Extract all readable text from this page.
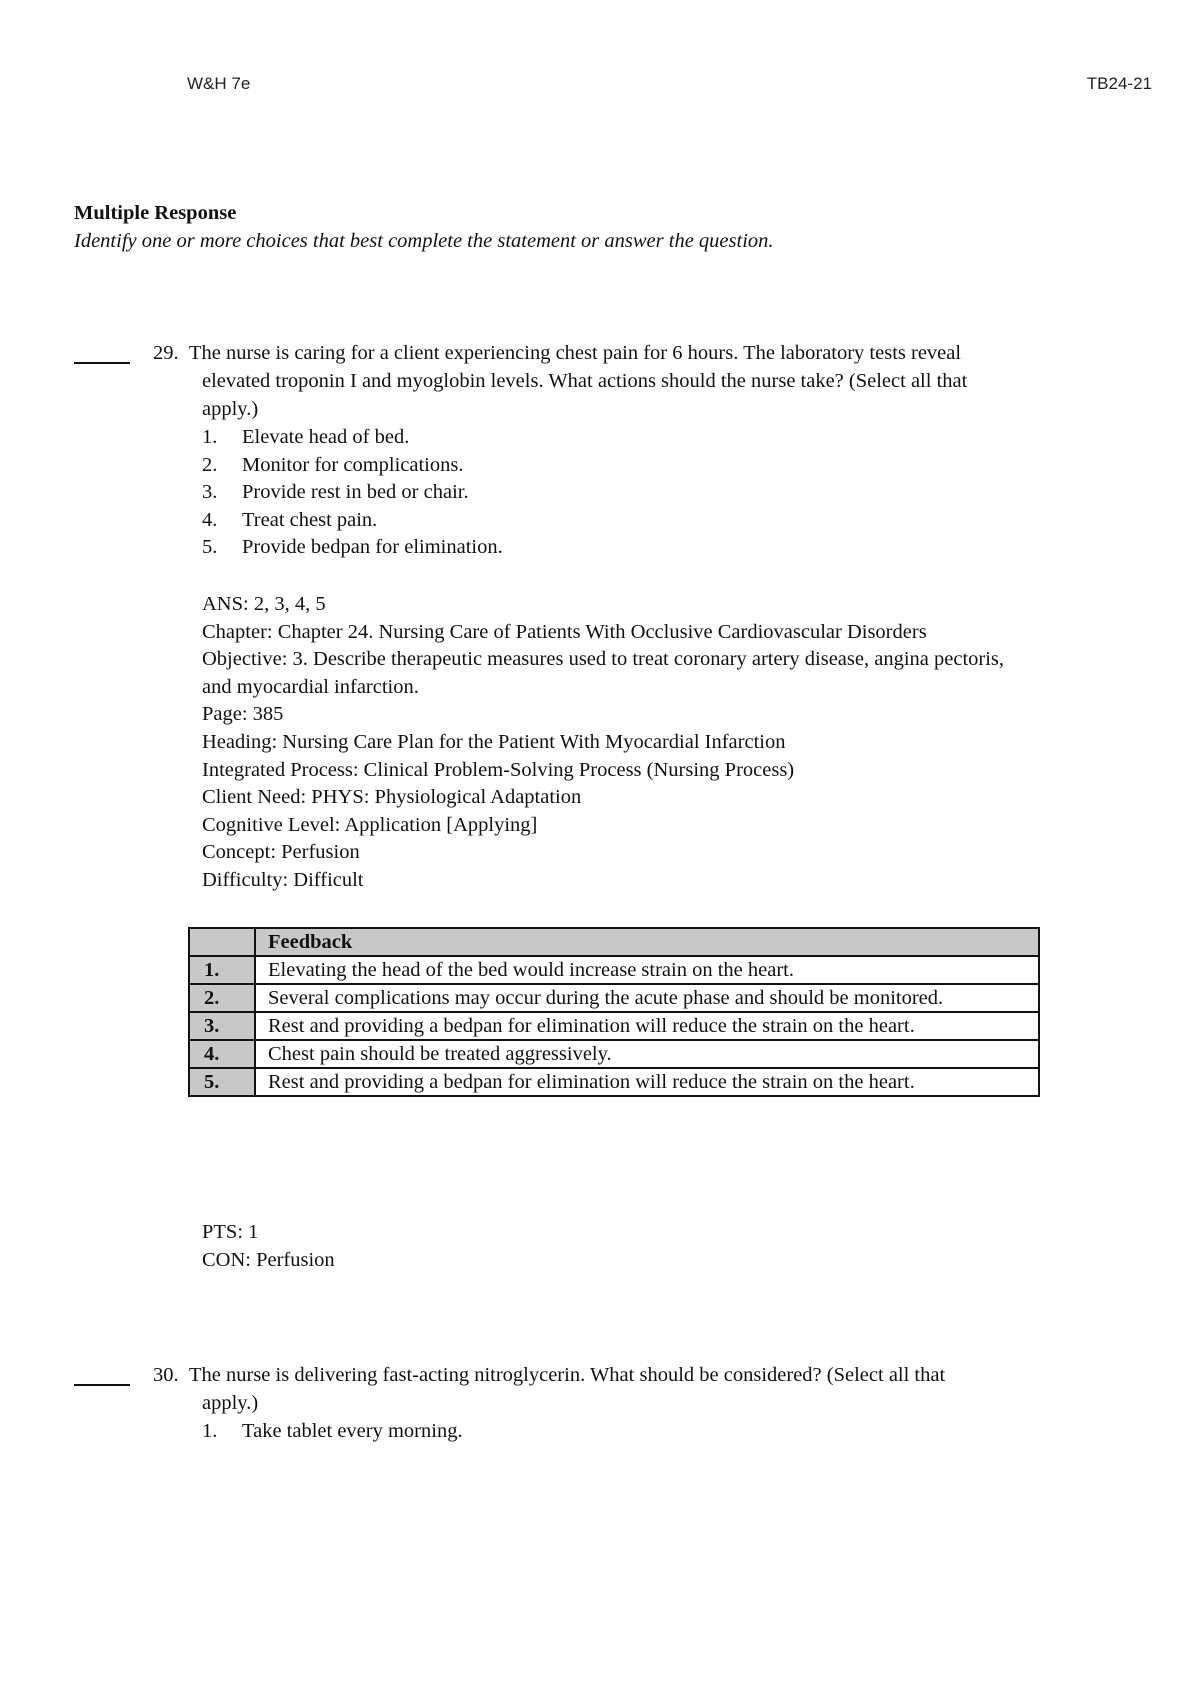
W&H 7e	TB24-21
Multiple Response
Identify one or more choices that best complete the statement or answer the question.
29. The nurse is caring for a client experiencing chest pain for 6 hours. The laboratory tests reveal
elevated troponin I and myoglobin levels. What actions should the nurse take? (Select all that
apply.)
1.	Elevate head of bed.
2.	Monitor for complications.
3.	Provide rest in bed or chair.
4.	Treat chest pain.
5.	Provide bedpan for elimination.
ANS: 2, 3, 4, 5
Chapter: Chapter 24. Nursing Care of Patients With Occlusive Cardiovascular Disorders
Objective: 3. Describe therapeutic measures used to treat coronary artery disease, angina pectoris,
and myocardial infarction.
Page: 385
Heading: Nursing Care Plan for the Patient With Myocardial Infarction
Integrated Process: Clinical Problem-Solving Process (Nursing Process)
Client Need: PHYS: Physiological Adaptation
Cognitive Level: Application [Applying]
Concept: Perfusion
Difficulty: Difficult
	Feedback
1.	Elevating the head of the bed would increase strain on the heart.
2.	Several complications may occur during the acute phase and should be monitored.
3.	Rest and providing a bedpan for elimination will reduce the strain on the heart.
4.	Chest pain should be treated aggressively.
5.	Rest and providing a bedpan for elimination will reduce the strain on the heart.
PTS: 1
CON: Perfusion
30. The nurse is delivering fast-acting nitroglycerin. What should be considered? (Select all that
apply.)
1.	Take tablet every morning.
